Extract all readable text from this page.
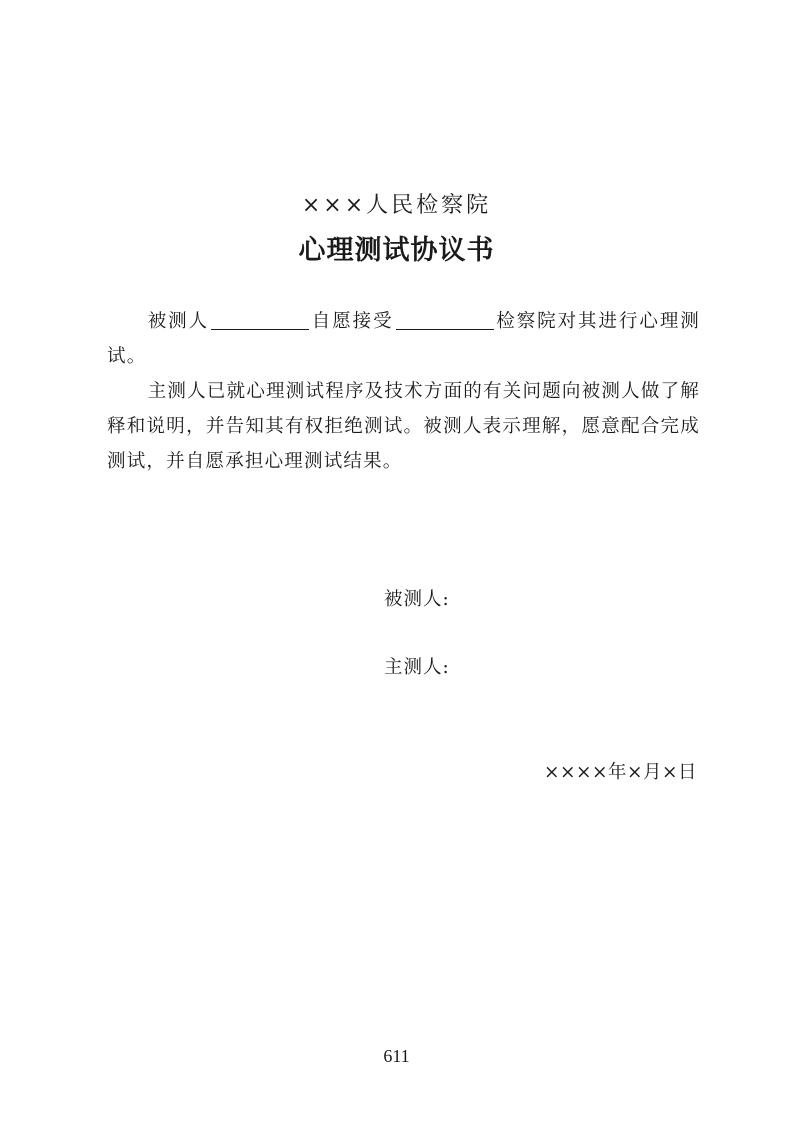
×××人民检察院
心理测试协议书

被测人	自愿接受	检察院对其进行心理测试。

主测人已就心理测试程序及技术方面的有关问题向被测人做了解释和说明，并告知其有权拒绝测试。被测人表示理解，愿意配合完成测试，并自愿承担心理测试结果。

被测人:
主测人:
××××年×月×日
611
